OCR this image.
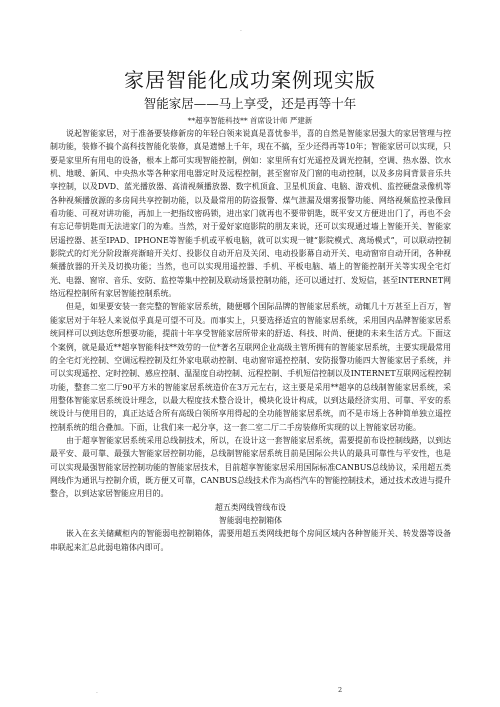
.
家居智能化成功案例现实版
智能家居——马上享受，还是再等十年
**超享智能科技** 首席设计师 严建新

说起智能家居，对于准备要装修新房的年轻白领来说真是喜忧参半，喜的自然是智能家居强大的家居管理与控制功能，装修不搞个高科技智能化装修，真是遗憾上千年，现在不搞，至少还得再等10年；智能家居可以实现，只要是家里所有用电的设备，根本上都可实现智能控制，例如：家里所有灯光遥控及调光控制，空调、热水器、饮水机、地暖、新风、中央热水等各种家用电器定时及远程控制，甚至窗帘及门窗的电动控制，以及多房间背景音乐共享控制，以及DVD、蓝光播放器、高清视频播放器、数字机顶盒、卫星机顶盒、电脑、游戏机、监控硬盘录像机等各种视频播放源的多房间共享控制功能，以及最常用的防盗报警、煤气泄漏及烟雾报警功能、网络视频监控录像回看功能、可视对讲功能，再加上一把指纹密码锁，进出家门就再也不要带钥匙，既平安又方便进出门了，再也不会有忘记带钥匙而无法进家门的为难。当然，对于爱好家庭影院的朋友来说，还可以实现通过墙上智能开关、智能家居遥控器、甚至IPAD、IPHONE等智能手机或平板电脑，就可以实现一键“影院模式、离场模式”，可以联动控制影院式的灯光分阶段渐亮渐暗开关灯、投影仪自动开启及关闭、电动投影幕自动开关、电动窗帘自动开闭，各种视频播放器的开关及切换功能；当然，也可以实现用遥控器、手机、平板电脑、墙上的智能控制开关等实现全宅灯光、电器、窗帘、音乐、安防、监控等集中控制及联动场景控制功能，还可以通过打、发短信，甚至INTERNET网络远程控制所有家居智能控制系统。

但是，如果要安装一套完整的智能家居系统，随便哪个国际品牌的智能家居系统，动辄几十万甚至上百万，智能家居对于年轻人来说似乎真是可望不可及。而事实上，只要选择适宜的智能家居系统，采用国内品牌智能家居系统同样可以到达您所想要功能，提前十年享受智能家居所带来的舒适、科技、时尚、便捷的未来生活方式。下面这个案例，就是最近**超享智能科技**效劳的一位*著名互联网企业高级主管所拥有的智能家居系统，主要实现最常用的全宅灯光控制、空调远程控制及红外家电联动控制、电动窗帘遥控控制、安防报警功能四大智能家居子系统，并可以实现遥控、定时控制、感应控制、温湿度自动控制、远程控制、手机短信控制以及INTERNET互联网远程控制功能，整套二室二厅90平方米的智能家居系统造价在3万元左右，这主要是采用**超享的总线制智能家居系统，采用整体智能家居系统设计理念，以最大程度技术整合设计，模块化设计构成，以到达最经济实用、可靠、平安的系统设计与使用目的，真正达适合所有高级白领所享用得起的全功能智能家居系统，而不是市场上各种简单独立遥控控制系统的组合叠加。下面，让我们来一起分享，这一套二室二厅二手房装修所实现的以上智能家居功能。

由于超享智能家居系统采用总线制技术，所以，在设计这一套智能家居系统，需要提前布设控制线路，以到达最平安、最可靠、最强大智能家居控制功能，总线制智能家居系统目前是国际公共认的最具可靠性与平安性，也是可以实现最强智能家居控制功能的智能家居技术，目前超享智能家居采用国际标准CANBUS总线协议，采用超五类网线作为通讯与控制介质，既方便又可靠，CANBUS总线技术作为高档汽车的智能控制技术，通过技术改进与提升整合，以到达家居智能应用目的。

超五类网线管线布设

智能弱电控制箱体

嵌入在玄关储藏柜内的智能弱电控制箱体，需要用超五类网线把每个房间区域内各种智能开关、转发器等设备串联起来汇总此弱电箱体内即可。

.	2
